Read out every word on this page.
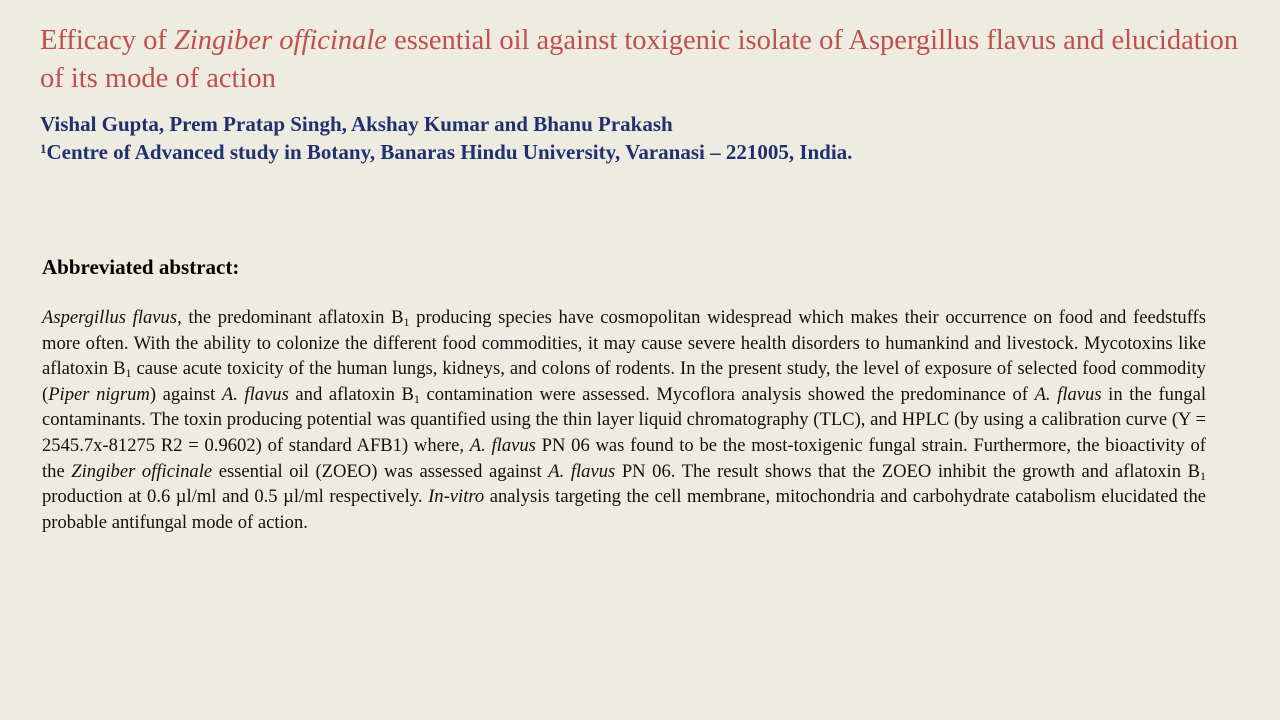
Efficacy of Zingiber officinale essential oil against toxigenic isolate of Aspergillus flavus and elucidation of its mode of action
Vishal Gupta, Prem Pratap Singh, Akshay Kumar and Bhanu Prakash
$^1$Centre of Advanced study in Botany, Banaras Hindu University, Varanasi – 221005, India.
Abbreviated abstract:

Aspergillus flavus, the predominant aflatoxin $B_1$ producing species have cosmopolitan widespread which makes their occurrence on food and feedstuffs more often. With the ability to colonize the different food commodities, it may cause severe health disorders to humankind and livestock. Mycotoxins like aflatoxin $B_1$ cause acute toxicity of the human lungs, kidneys, and colons of rodents. In the present study, the level of exposure of selected food commodity (Piper nigrum) against A. flavus and aflatoxin $B_1$ contamination were assessed. Mycoflora analysis showed the predominance of A. flavus in the fungal contaminants. The toxin producing potential was quantified using the thin layer liquid chromatography (TLC), and HPLC (by using a calibration curve (Y = 2545.7x-81275 R2 = 0.9602) of standard AFB1) where, A. flavus PN 06 was found to be the most-toxigenic fungal strain. Furthermore, the bioactivity of the Zingiber officinale essential oil (ZOEO) was assessed against A. flavus PN 06. The result shows that the ZOEO inhibit the growth and aflatoxin $B_1$ production at 0.6 µl/ml and 0.5 µl/ml respectively. In-vitro analysis targeting the cell membrane, mitochondria and carbohydrate catabolism elucidated the probable antifungal mode of action.
